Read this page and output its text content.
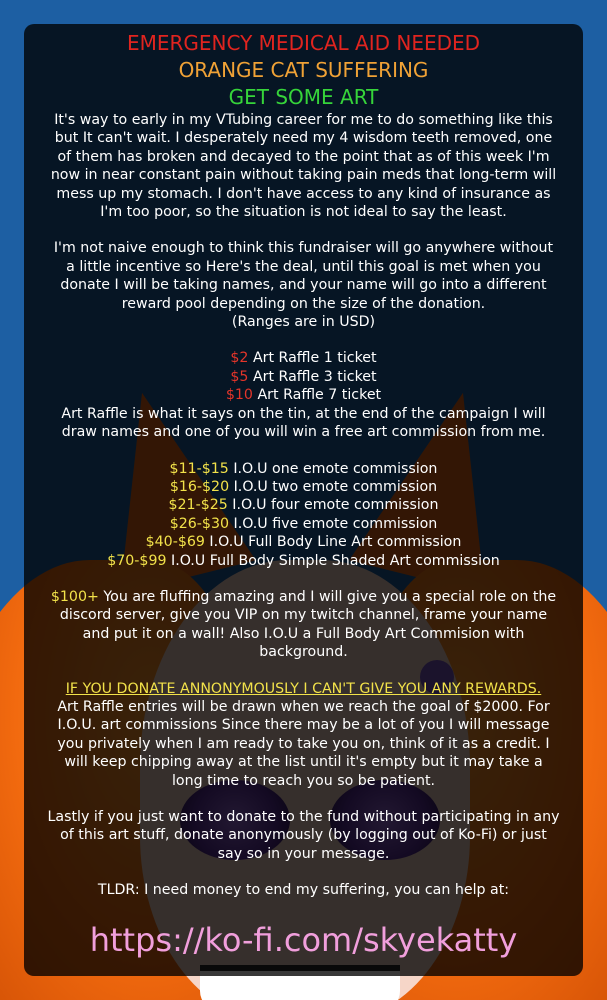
EMERGENCY MEDICAL AID NEEDED
ORANGE CAT SUFFERING
GET SOME ART

It's way to early in my VTubing career for me to do something like this

but It can't wait. I desperately need my 4 wisdom teeth removed, one

of them has broken and decayed to the point that as of this week I'm

now in near constant pain without taking pain meds that long-term will

mess up my stomach. I don't have access to any kind of insurance as

I'm too poor, so the situation is not ideal to say the least.

I'm not naive enough to think this fundraiser will go anywhere without

a little incentive so Here's the deal, until this goal is met when you

donate I will be taking names, and your name will go into a different

reward pool depending on the size of the donation.

(Ranges are in USD)

$2 Art Raffle 1 ticket

$5 Art Raffle 3 ticket

$10 Art Raffle 7 ticket

Art Raffle is what it says on the tin, at the end of the campaign I will

draw names and one of you will win a free art commission from me.

$11-$15 I.O.U one emote commission

$16-$20 I.O.U two emote commission

$21-$25 I.O.U four emote commission

$26-$30 I.O.U five emote commission

$40-$69 I.O.U Full Body Line Art commission

$70-$99 I.O.U Full Body Simple Shaded Art commission

$100+ You are fluffing amazing and I will give you a special role on the

discord server, give you VIP on my twitch channel, frame your name

and put it on a wall! Also I.O.U a Full Body Art Commision with

background.

IF YOU DONATE ANNONYMOUSLY I CAN'T GIVE YOU ANY REWARDS.

Art Raffle entries will be drawn when we reach the goal of $2000. For

I.O.U. art commissions Since there may be a lot of you I will message

you privately when I am ready to take you on, think of it as a credit. I

will keep chipping away at the list until it's empty but it may take a

long time to reach you so be patient.

Lastly if you just want to donate to the fund without participating in any

of this art stuff, donate anonymously (by logging out of Ko-Fi) or just

say so in your message.

TLDR: I need money to end my suffering, you can help at:

https://ko-fi.com/skyekatty
